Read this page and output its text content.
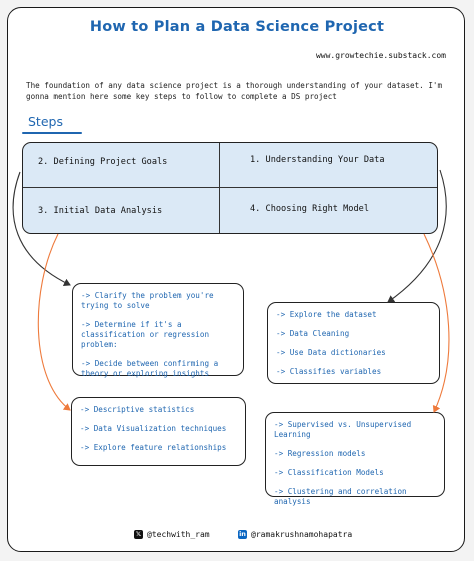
How to Plan a Data Science Project
www.growtechie.substack.com
The foundation of any data science project is a thorough understanding of your dataset. I'm gonna mention here some key steps to follow to complete a DS project
Steps
2. Defining Project Goals	1. Understanding Your Data
3. Initial Data Analysis	4. Choosing Right Model
-> Clarify the problem you're trying to solve
-> Determine if it's a classification or regression problem:
-> Decide between confirming a theory or exploring insights
-> Explore the dataset
-> Data Cleaning
-> Use Data dictionaries
-> Classifies variables
-> Descriptive statistics
-> Data Visualization techniques
-> Explore feature relationships
-> Supervised vs. Unsupervised Learning
-> Regression models
-> Classification Models
-> Clustering and correlation analysis
𝕏 @techwith_ram	in @ramakrushnamohapatra
